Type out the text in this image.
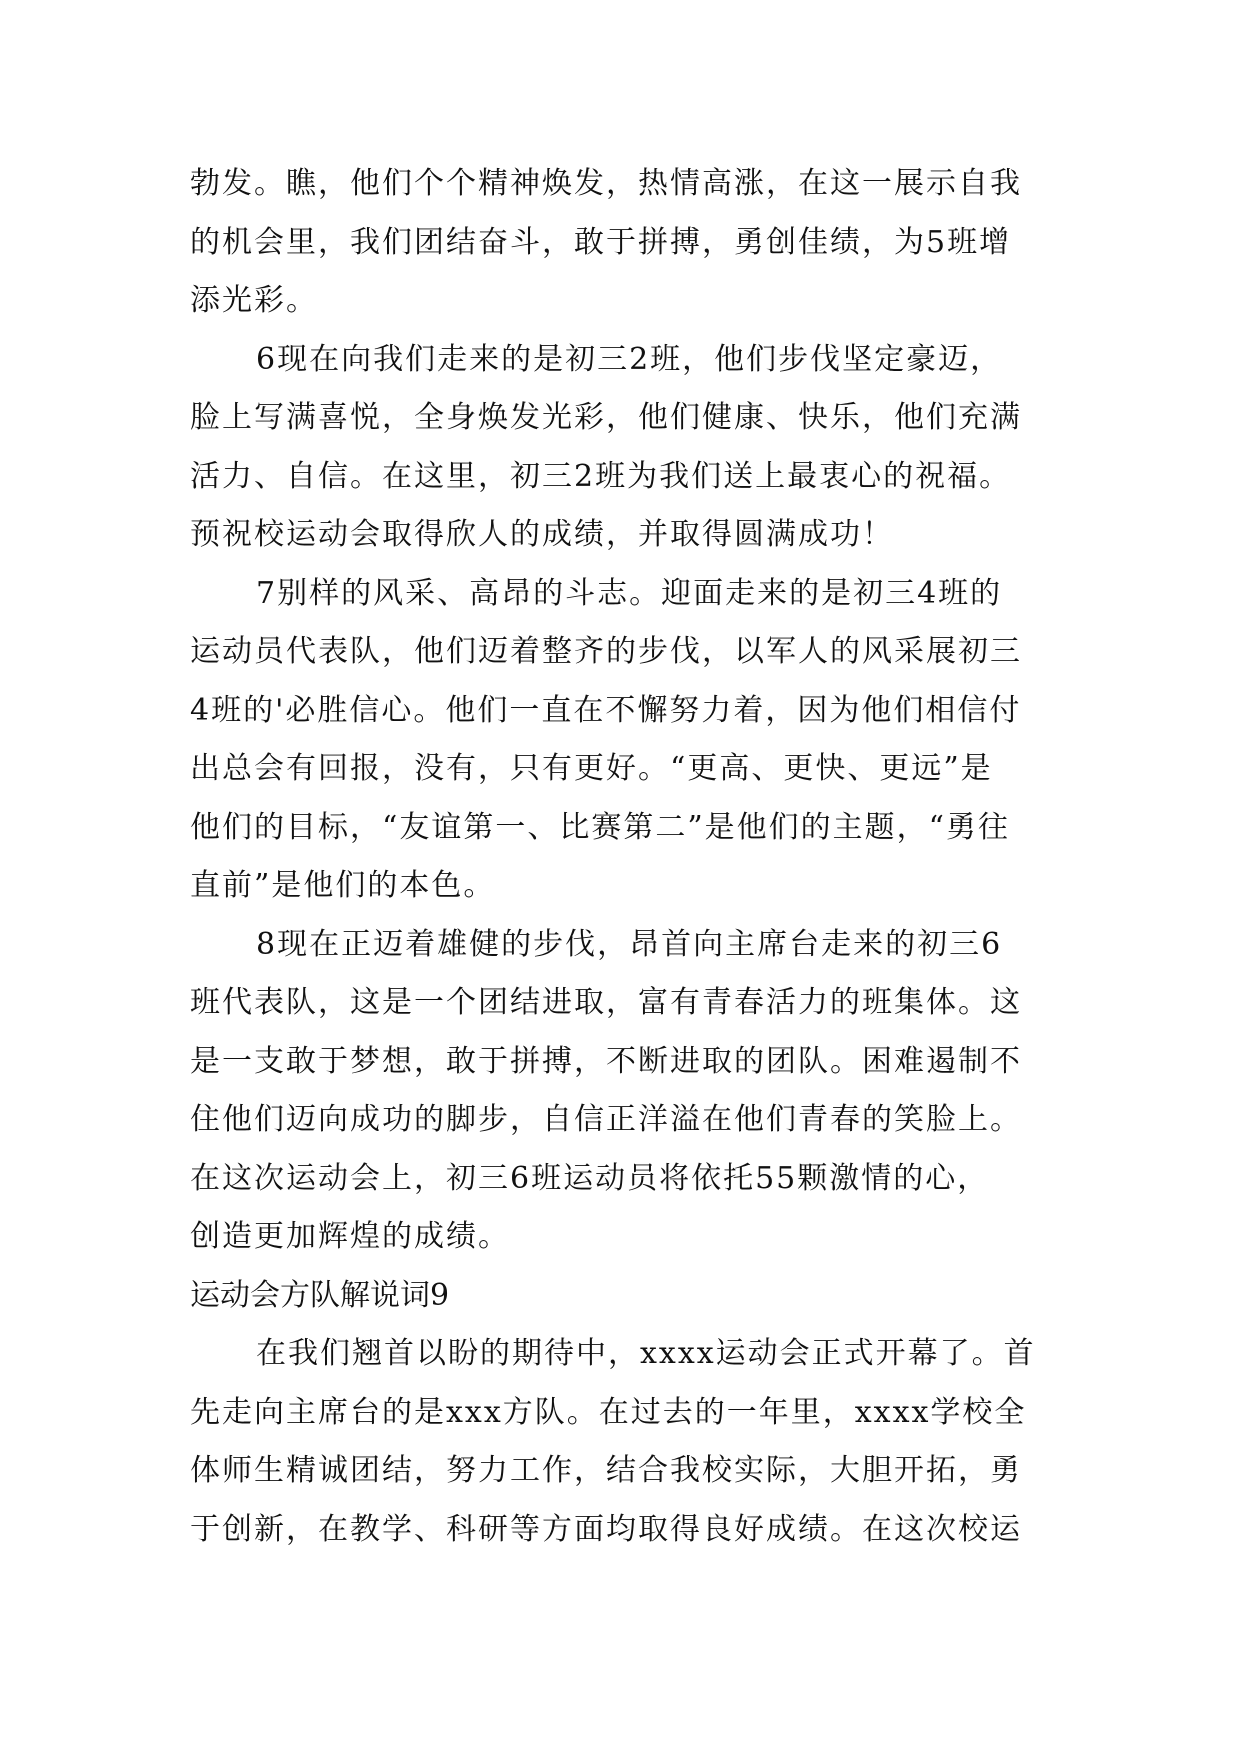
勃发。瞧，他们个个精神焕发，热情高涨，在这一展示自我
的机会里，我们团结奋斗，敢于拼搏，勇创佳绩，为5班增
添光彩。
6现在向我们走来的是初三2班，他们步伐坚定豪迈，
脸上写满喜悦，全身焕发光彩，他们健康、快乐，他们充满
活力、自信。在这里，初三2班为我们送上最衷心的祝福。
预祝校运动会取得欣人的成绩，并取得圆满成功！
7别样的风采、高昂的斗志。迎面走来的是初三4班的
运动员代表队，他们迈着整齐的步伐，以军人的风采展初三
4班的'必胜信心。他们一直在不懈努力着，因为他们相信付
出总会有回报，没有，只有更好。“更高、更快、更远”是
他们的目标，“友谊第一、比赛第二”是他们的主题，“勇往
直前”是他们的本色。
8现在正迈着雄健的步伐，昂首向主席台走来的初三6
班代表队，这是一个团结进取，富有青春活力的班集体。这
是一支敢于梦想，敢于拼搏，不断进取的团队。困难遏制不
住他们迈向成功的脚步，自信正洋溢在他们青春的笑脸上。
在这次运动会上，初三6班运动员将依托55颗激情的心，
创造更加辉煌的成绩。
运动会方队解说词9
在我们翘首以盼的期待中，xxxx运动会正式开幕了。首
先走向主席台的是xxx方队。在过去的一年里，xxxx学校全
体师生精诚团结，努力工作，结合我校实际，大胆开拓，勇
于创新，在教学、科研等方面均取得良好成绩。在这次校运
